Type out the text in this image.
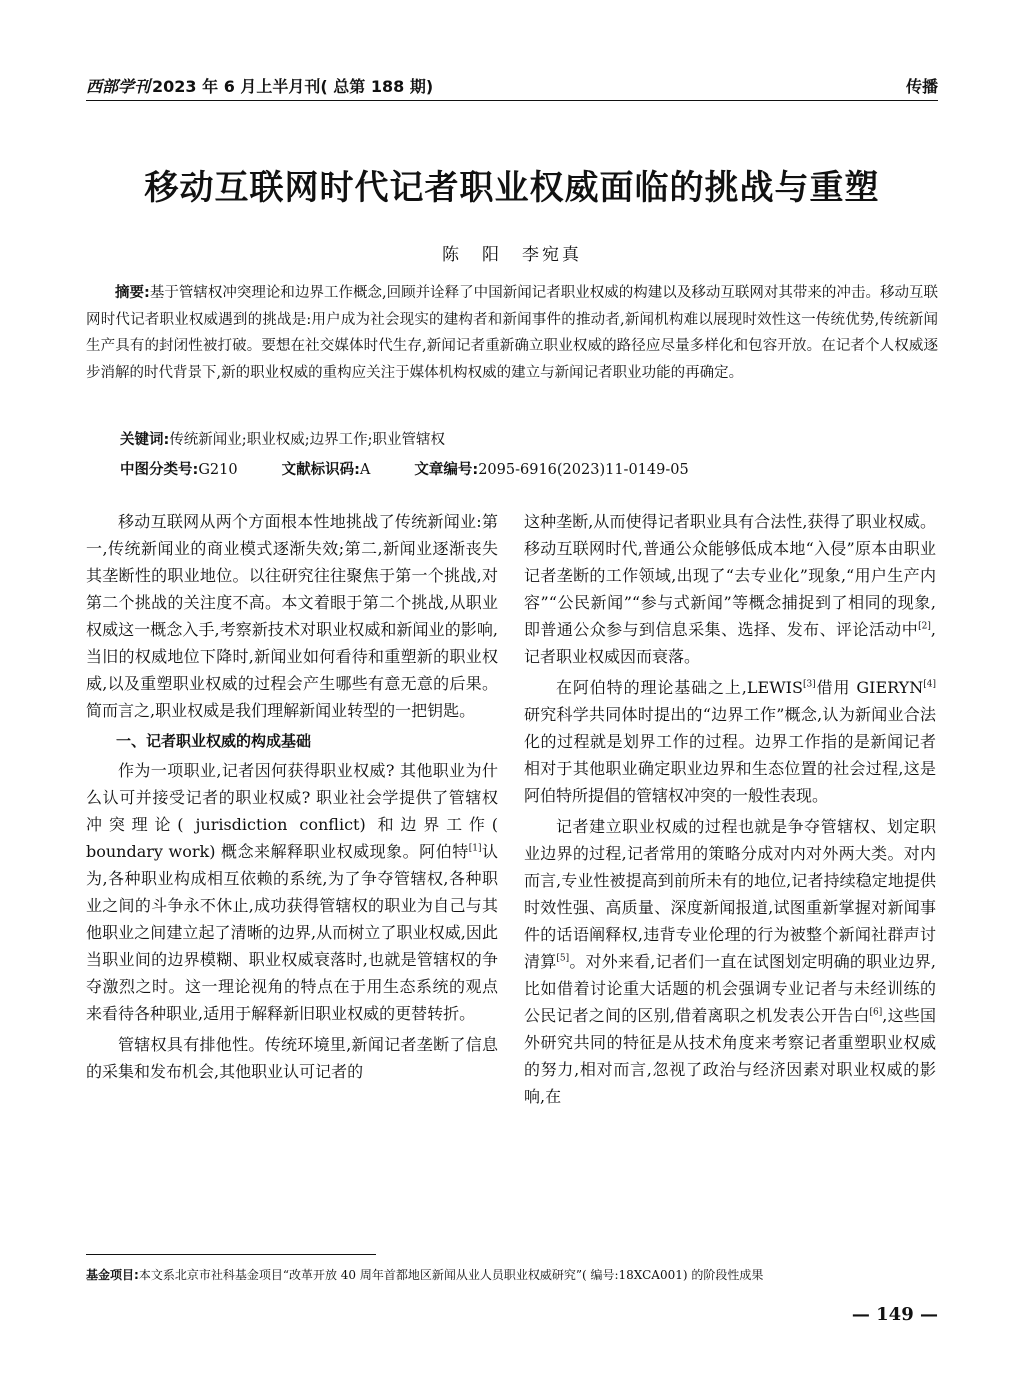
西部学刊 2023 年 6 月上半月刊( 总第 188 期)	传播
移动互联网时代记者职业权威面临的挑战与重塑
陈　阳　李宛真
摘要:基于管辖权冲突理论和边界工作概念,回顾并诠释了中国新闻记者职业权威的构建以及移动互联网对其带来的冲击。移动互联网时代记者职业权威遇到的挑战是:用户成为社会现实的建构者和新闻事件的推动者,新闻机构难以展现时效性这一传统优势,传统新闻生产具有的封闭性被打破。要想在社交媒体时代生存,新闻记者重新确立职业权威的路径应尽量多样化和包容开放。在记者个人权威逐步消解的时代背景下,新的职业权威的重构应关注于媒体机构权威的建立与新闻记者职业功能的再确定。
关键词:传统新闻业;职业权威;边界工作;职业管辖权
中图分类号:G210	文献标识码:A	文章编号:2095-6916(2023)11-0149-05

移动互联网从两个方面根本性地挑战了传统新闻业:第一,传统新闻业的商业模式逐渐失效;第二,新闻业逐渐丧失其垄断性的职业地位。以往研究往往聚焦于第一个挑战,对第二个挑战的关注度不高。本文着眼于第二个挑战,从职业权威这一概念入手,考察新技术对职业权威和新闻业的影响,当旧的权威地位下降时,新闻业如何看待和重塑新的职业权威,以及重塑职业权威的过程会产生哪些有意无意的后果。简而言之,职业权威是我们理解新闻业转型的一把钥匙。

一、记者职业权威的构成基础

作为一项职业,记者因何获得职业权威? 其他职业为什么认可并接受记者的职业权威? 职业社会学提供了管辖权冲突理论( jurisdiction conflict) 和边界工作( boundary work) 概念来解释职业权威现象。阿伯特[1]认为,各种职业构成相互依赖的系统,为了争夺管辖权,各种职业之间的斗争永不休止,成功获得管辖权的职业为自己与其他职业之间建立起了清晰的边界,从而树立了职业权威,因此当职业间的边界模糊、职业权威衰落时,也就是管辖权的争夺激烈之时。这一理论视角的特点在于用生态系统的观点来看待各种职业,适用于解释新旧职业权威的更替转折。

管辖权具有排他性。传统环境里,新闻记者垄断了信息的采集和发布机会,其他职业认可记者的

这种垄断,从而使得记者职业具有合法性,获得了职业权威。移动互联网时代,普通公众能够低成本地“入侵”原本由职业记者垄断的工作领域,出现了“去专业化”现象,“用户生产内容”“公民新闻”“参与式新闻”等概念捕捉到了相同的现象,即普通公众参与到信息采集、选择、发布、评论活动中[2],记者职业权威因而衰落。

在阿伯特的理论基础之上,LEWIS[3]借用 GIERYN[4]研究科学共同体时提出的“边界工作”概念,认为新闻业合法化的过程就是划界工作的过程。边界工作指的是新闻记者相对于其他职业确定职业边界和生态位置的社会过程,这是阿伯特所提倡的管辖权冲突的一般性表现。

记者建立职业权威的过程也就是争夺管辖权、划定职业边界的过程,记者常用的策略分成对内对外两大类。对内而言,专业性被提高到前所未有的地位,记者持续稳定地提供时效性强、高质量、深度新闻报道,试图重新掌握对新闻事件的话语阐释权,违背专业伦理的行为被整个新闻社群声讨清算[5]。对外来看,记者们一直在试图划定明确的职业边界,比如借着讨论重大话题的机会强调专业记者与未经训练的公民记者之间的区别,借着离职之机发表公开告白[6],这些国外研究共同的特征是从技术角度来考察记者重塑职业权威的努力,相对而言,忽视了政治与经济因素对职业权威的影响,在

基金项目:本文系北京市社科基金项目“改革开放 40 周年首都地区新闻从业人员职业权威研究”( 编号:18XCA001) 的阶段性成果
— 149 —
